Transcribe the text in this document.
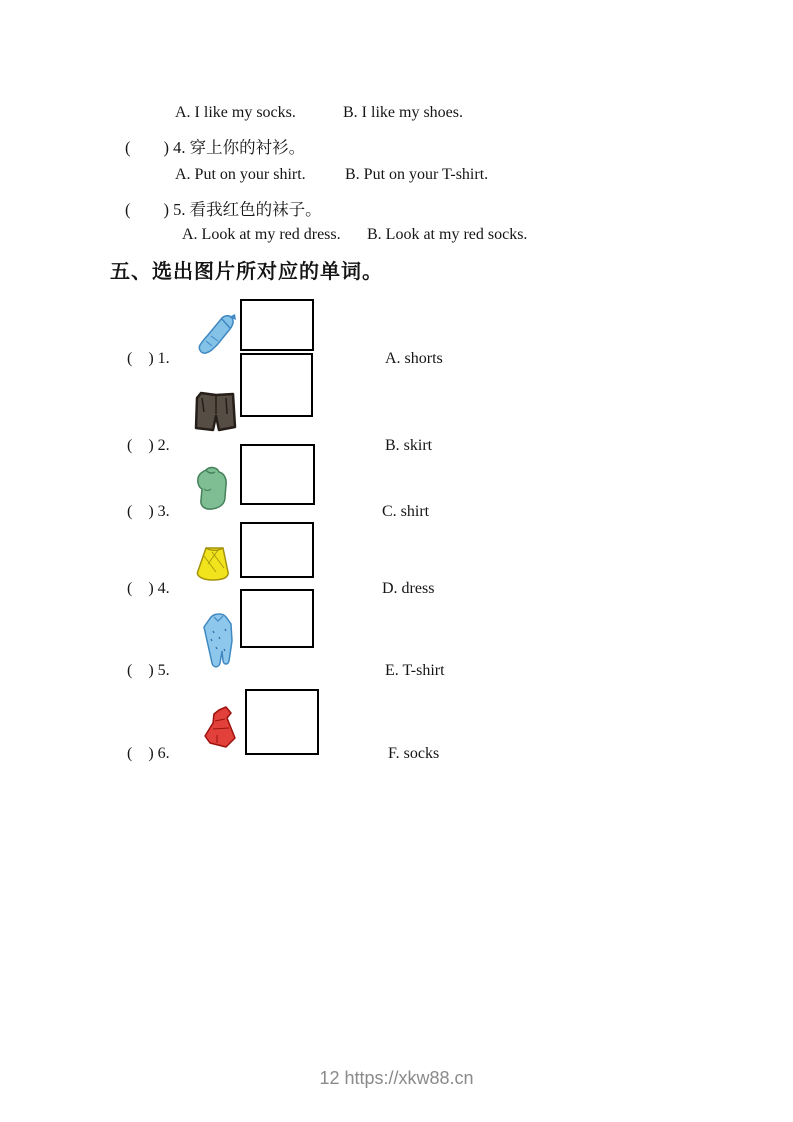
A. I like my socks.	B. I like my shoes.
(        ) 4. 穿上你的衬衫。
A. Put on your shirt. B. Put on your T-shirt.
(        ) 5. 看我红色的袜子。
A. Look at my red dress. B. Look at my red socks.
五、选出图片所对应的单词。
(    ) 1.	A. shorts
(    ) 2.	B. skirt
(    ) 3.	C. shirt
(    ) 4.	D. dress
(    ) 5.	E. T-shirt
(    ) 6.	F. socks
12 https://xkw88.cn
